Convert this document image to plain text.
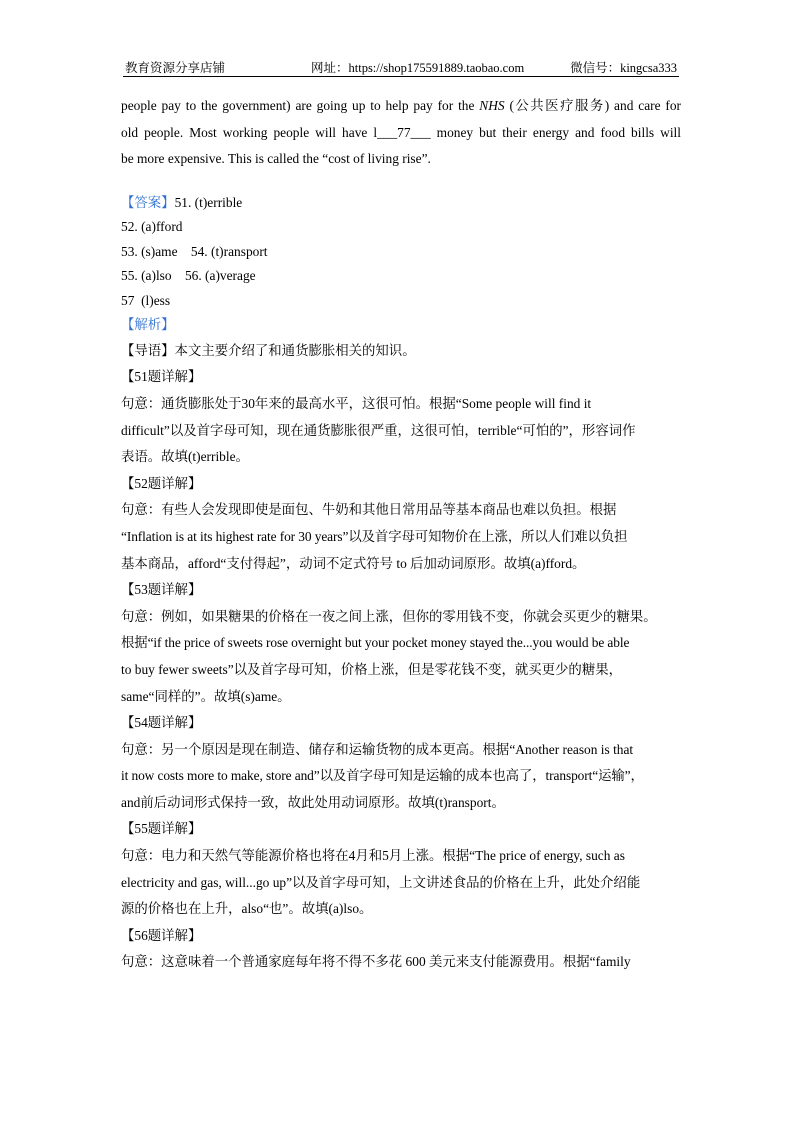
教育资源分享店铺	网址：https://shop175591889.taobao.com	微信号：kingcsa333
people pay to the government) are going up to help pay for the NHS (公共医疗服务) and care for
old people. Most working people will have l___77___ money but their energy and food bills will
be more expensive. This is called the “cost of living rise”.
【答案】51. (t)errible
52. (a)fford
53. (s)ame    54. (t)ransport
55. (a)lso    56. (a)verage
57  (l)ess
【解析】
【导语】本文主要介绍了和通货膨胀相关的知识。
【51题详解】
句意：通货膨胀处于30年来的最高水平，这很可怕。根据“Some people will find it
difficult”以及首字母可知，现在通货膨胀很严重，这很可怕，terrible“可怕的”，形容词作
表语。故填(t)errible。
【52题详解】
句意：有些人会发现即使是面包、牛奶和其他日常用品等基本商品也难以负担。根据
“Inflation is at its highest rate for 30 years”以及首字母可知物价在上涨，所以人们难以负担
基本商品，afford“支付得起”，动词不定式符号 to 后加动词原形。故填(a)fford。
【53题详解】
句意：例如，如果糖果的价格在一夜之间上涨，但你的零用钱不变，你就会买更少的糖果。
根据“if the price of sweets rose overnight but your pocket money stayed the...you would be able
to buy fewer sweets”以及首字母可知，价格上涨，但是零花钱不变，就买更少的糖果，
same“同样的”。故填(s)ame。
【54题详解】
句意：另一个原因是现在制造、储存和运输货物的成本更高。根据“Another reason is that
it now costs more to make, store and”以及首字母可知是运输的成本也高了，transport“运输”，
and前后动词形式保持一致，故此处用动词原形。故填(t)ransport。
【55题详解】
句意：电力和天然气等能源价格也将在4月和5月上涨。根据“The price of energy, such as
electricity and gas, will...go up”以及首字母可知，上文讲述食品的价格在上升，此处介绍能
源的价格也在上升，also“也”。故填(a)lso。
【56题详解】
句意：这意味着一个普通家庭每年将不得不多花 600 美元来支付能源费用。根据“family
